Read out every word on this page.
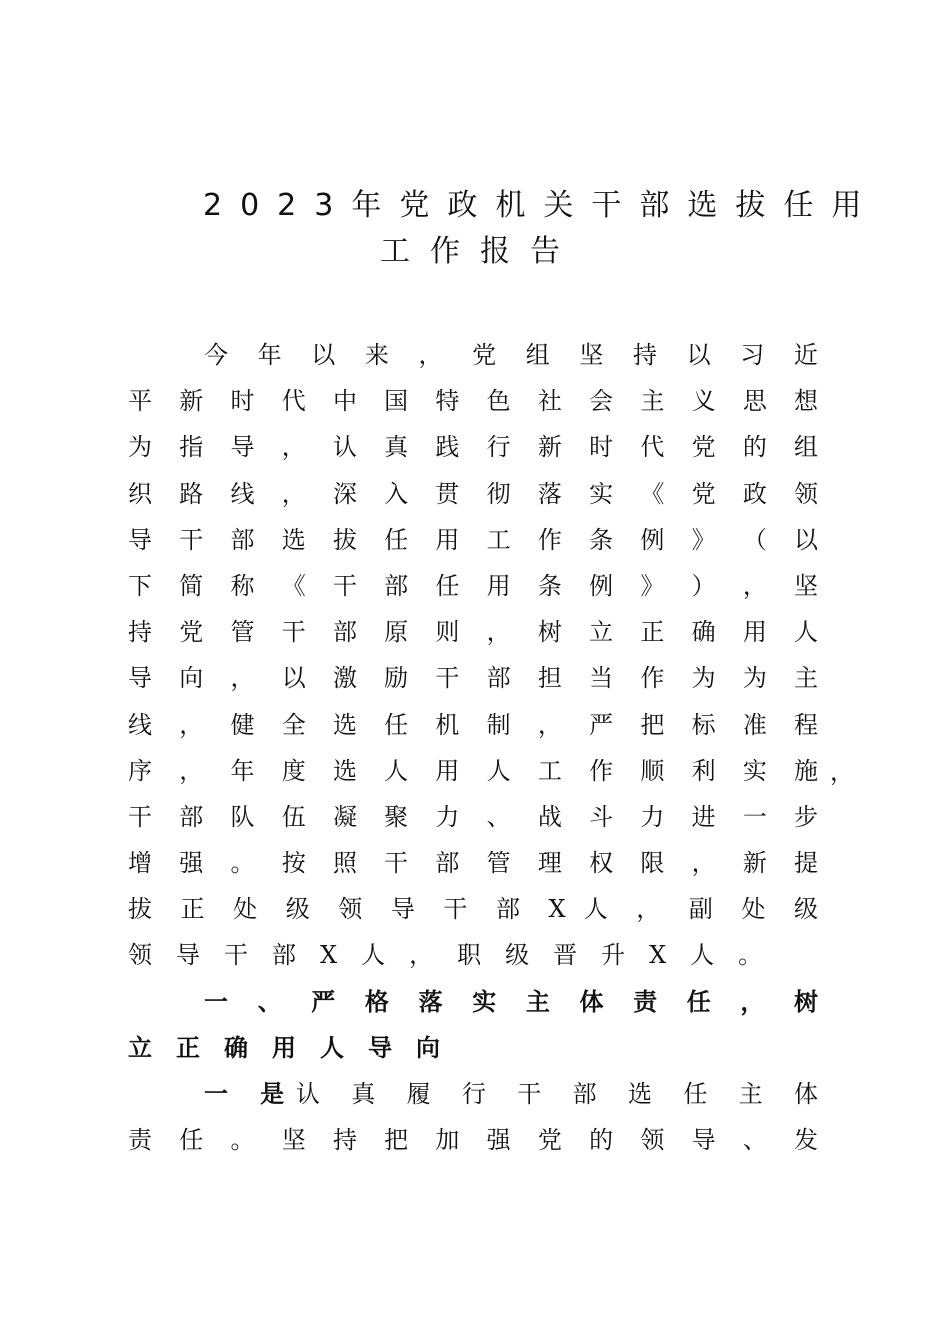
2023年党政机关干部选拔任用
工作报告
今 年 以 来 ， 党 组 坚 持 以 习 近
平 新 时 代 中 国 特 色 社 会 主 义 思 想
为 指 导 ， 认 真 践 行 新 时 代 党 的 组
织 路 线 ， 深 入 贯 彻 落 实 《 党 政 领
导 干 部 选 拔 任 用 工 作 条 例 》 （ 以
下 简 称 《 干 部 任 用 条 例 》 ） ， 坚
持 党 管 干 部 原 则 ， 树 立 正 确 用 人
导 向 ， 以 激 励 干 部 担 当 作 为 为 主
线 ， 健 全 选 任 机 制 ， 严 把 标 准 程
序 ， 年 度 选 人 用 人 工 作 顺 利 实 施
干 部 队 伍 凝 聚 力 、 战 斗 力 进 一 步
增 强 。 按 照 干 部 管 理 权 限 ， 新 提
拔 正 处 级 领 导 干 部 X 人 ， 副 处 级
领导干部X人，职级晋升X人。
一 、 严 格 落 实 主 体 责 任 ， 树
立正确用人导向
一 是认 真 履 行 干 部 选 任 主 体
责 任 。 坚 持 把 加 强 党 的 领 导 、 发
，
